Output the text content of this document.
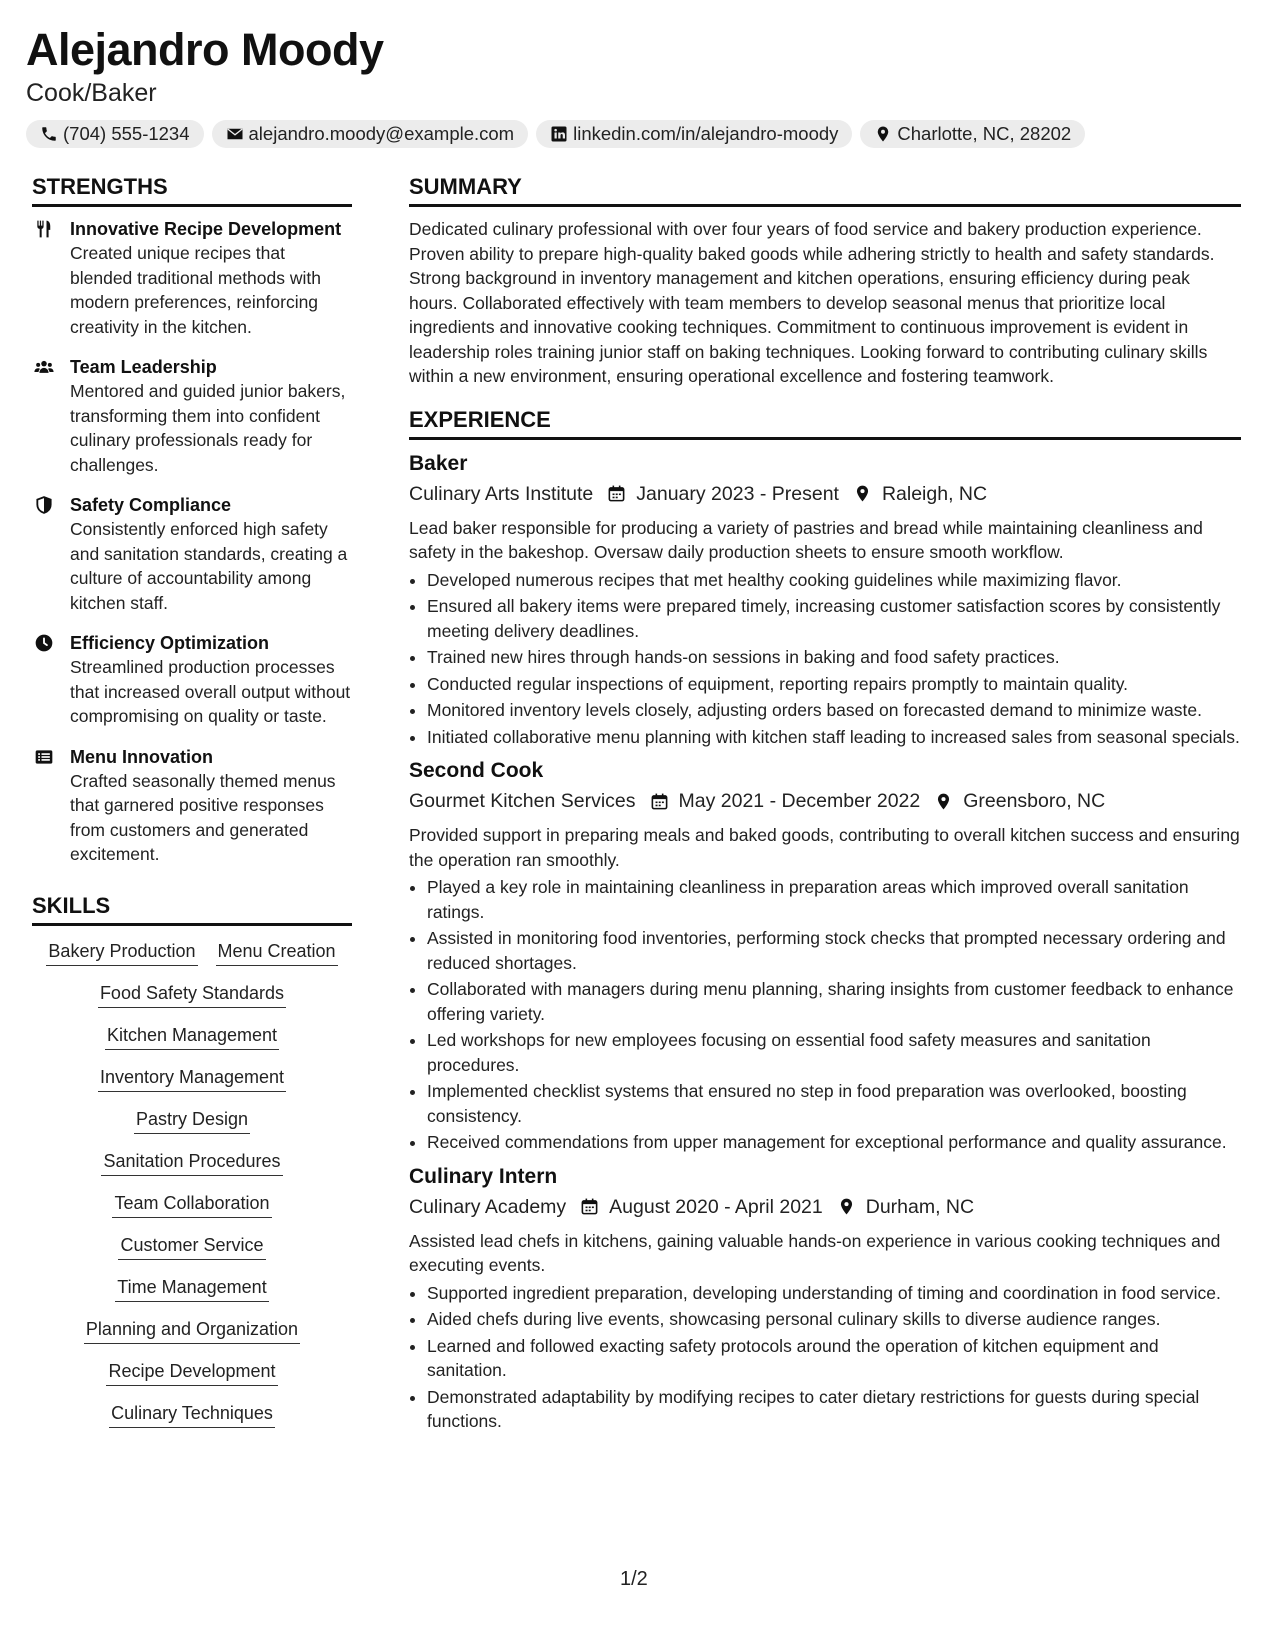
Alejandro Moody
Cook/Baker
(704) 555-1234	alejandro.moody@example.com	linkedin.com/in/alejandro-moody	Charlotte, NC, 28202
STRENGTHS
Innovative Recipe Development
Created unique recipes that blended traditional methods with modern preferences, reinforcing creativity in the kitchen.
Team Leadership
Mentored and guided junior bakers, transforming them into confident culinary professionals ready for challenges.
Safety Compliance
Consistently enforced high safety and sanitation standards, creating a culture of accountability among kitchen staff.
Efficiency Optimization
Streamlined production processes that increased overall output without compromising on quality or taste.
Menu Innovation
Crafted seasonally themed menus that garnered positive responses from customers and generated excitement.
SKILLS
Bakery Production Menu Creation
Food Safety Standards
Kitchen Management
Inventory Management
Pastry Design
Sanitation Procedures
Team Collaboration
Customer Service
Time Management
Planning and Organization
Recipe Development
Culinary Techniques
SUMMARY
Dedicated culinary professional with over four years of food service and bakery production experience. Proven ability to prepare high-quality baked goods while adhering strictly to health and safety standards. Strong background in inventory management and kitchen operations, ensuring efficiency during peak hours. Collaborated effectively with team members to develop seasonal menus that prioritize local ingredients and innovative cooking techniques. Commitment to continuous improvement is evident in leadership roles training junior staff on baking techniques. Looking forward to contributing culinary skills within a new environment, ensuring operational excellence and fostering teamwork.
EXPERIENCE
Baker
Culinary Arts Institute January 2023 - Present Raleigh, NC
Lead baker responsible for producing a variety of pastries and bread while maintaining cleanliness and safety in the bakeshop. Oversaw daily production sheets to ensure smooth workflow.
• Developed numerous recipes that met healthy cooking guidelines while maximizing flavor.
• Ensured all bakery items were prepared timely, increasing customer satisfaction scores by consistently meeting delivery deadlines.
• Trained new hires through hands-on sessions in baking and food safety practices.
• Conducted regular inspections of equipment, reporting repairs promptly to maintain quality.
• Monitored inventory levels closely, adjusting orders based on forecasted demand to minimize waste.
• Initiated collaborative menu planning with kitchen staff leading to increased sales from seasonal specials.
Second Cook
Gourmet Kitchen Services May 2021 - December 2022 Greensboro, NC
Provided support in preparing meals and baked goods, contributing to overall kitchen success and ensuring the operation ran smoothly.
• Played a key role in maintaining cleanliness in preparation areas which improved overall sanitation ratings.
• Assisted in monitoring food inventories, performing stock checks that prompted necessary ordering and reduced shortages.
• Collaborated with managers during menu planning, sharing insights from customer feedback to enhance offering variety.
• Led workshops for new employees focusing on essential food safety measures and sanitation procedures.
• Implemented checklist systems that ensured no step in food preparation was overlooked, boosting consistency.
• Received commendations from upper management for exceptional performance and quality assurance.
Culinary Intern
Culinary Academy August 2020 - April 2021 Durham, NC
Assisted lead chefs in kitchens, gaining valuable hands-on experience in various cooking techniques and executing events.
• Supported ingredient preparation, developing understanding of timing and coordination in food service.
• Aided chefs during live events, showcasing personal culinary skills to diverse audience ranges.
• Learned and followed exacting safety protocols around the operation of kitchen equipment and sanitation.
• Demonstrated adaptability by modifying recipes to cater dietary restrictions for guests during special functions.
1/2
